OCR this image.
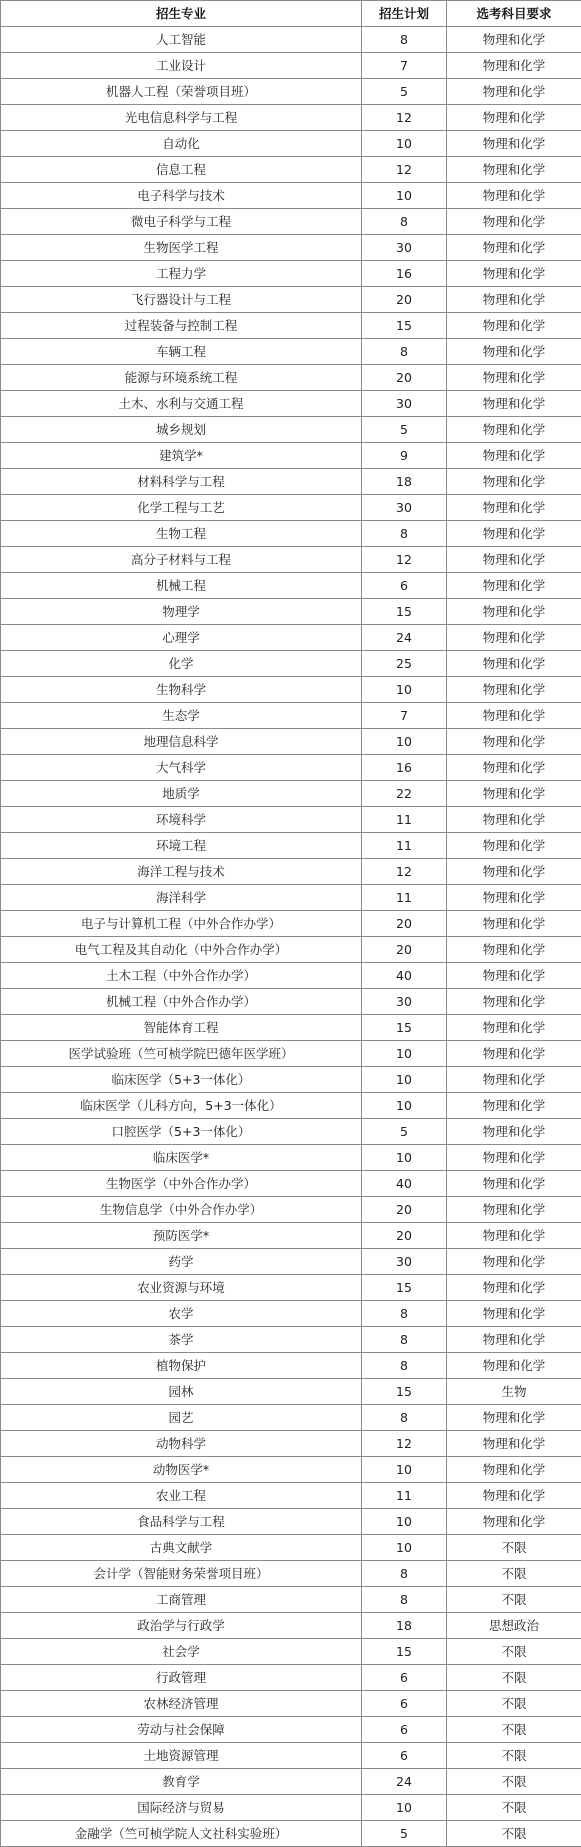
招生专业	招生计划	选考科目要求
人工智能	8	物理和化学
工业设计	7	物理和化学
机器人工程（荣誉项目班）	5	物理和化学
光电信息科学与工程	12	物理和化学
自动化	10	物理和化学
信息工程	12	物理和化学
电子科学与技术	10	物理和化学
微电子科学与工程	8	物理和化学
生物医学工程	30	物理和化学
工程力学	16	物理和化学
飞行器设计与工程	20	物理和化学
过程装备与控制工程	15	物理和化学
车辆工程	8	物理和化学
能源与环境系统工程	20	物理和化学
土木、水利与交通工程	30	物理和化学
城乡规划	5	物理和化学
建筑学*	9	物理和化学
材料科学与工程	18	物理和化学
化学工程与工艺	30	物理和化学
生物工程	8	物理和化学
高分子材料与工程	12	物理和化学
机械工程	6	物理和化学
物理学	15	物理和化学
心理学	24	物理和化学
化学	25	物理和化学
生物科学	10	物理和化学
生态学	7	物理和化学
地理信息科学	10	物理和化学
大气科学	16	物理和化学
地质学	22	物理和化学
环境科学	11	物理和化学
环境工程	11	物理和化学
海洋工程与技术	12	物理和化学
海洋科学	11	物理和化学
电子与计算机工程（中外合作办学）	20	物理和化学
电气工程及其自动化（中外合作办学）	20	物理和化学
土木工程（中外合作办学）	40	物理和化学
机械工程（中外合作办学）	30	物理和化学
智能体育工程	15	物理和化学
医学试验班（竺可桢学院巴德年医学班）	10	物理和化学
临床医学（5+3一体化）	10	物理和化学
临床医学（儿科方向，5+3一体化）	10	物理和化学
口腔医学（5+3一体化）	5	物理和化学
临床医学*	10	物理和化学
生物医学（中外合作办学）	40	物理和化学
生物信息学（中外合作办学）	20	物理和化学
预防医学*	20	物理和化学
药学	30	物理和化学
农业资源与环境	15	物理和化学
农学	8	物理和化学
茶学	8	物理和化学
植物保护	8	物理和化学
园林	15	生物
园艺	8	物理和化学
动物科学	12	物理和化学
动物医学*	10	物理和化学
农业工程	11	物理和化学
食品科学与工程	10	物理和化学
古典文献学	10	不限
会计学（智能财务荣誉项目班）	8	不限
工商管理	8	不限
政治学与行政学	18	思想政治
社会学	15	不限
行政管理	6	不限
农林经济管理	6	不限
劳动与社会保障	6	不限
土地资源管理	6	不限
教育学	24	不限
国际经济与贸易	10	不限
金融学（竺可桢学院人文社科实验班）	5	不限
